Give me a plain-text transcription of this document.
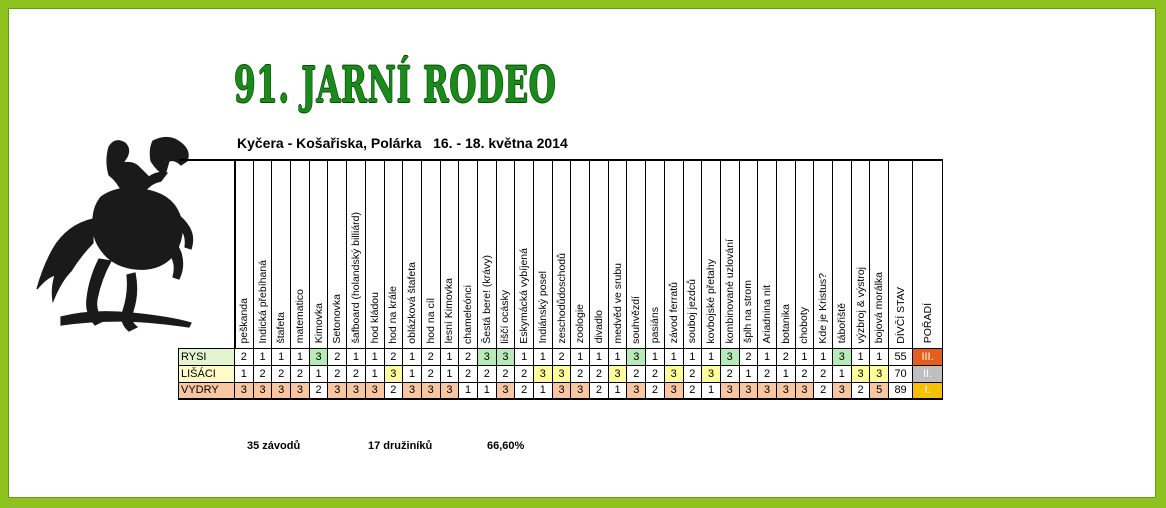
91. JARNÍ RODEO
Kyčera - Košařiska, Polárka   16. - 18. května 2014

	peškanda	Indická přebíhaná	štafeta	matematico	Kimovka	Setonovka	šafboard (holandský billiárd)	hod kládou	hod na krále	oblázková štafeta	hod na cíl	lesní Kimovka	chameleónci	Šestá bere! (krávy)	liščí ocásky	Eskymácká vybíjená	Indiánský posel	zeschodůdoschodů	zoologie	divadlo	medvěd ve srubu	souhvězdí	pasiáns	závod ferratů	souboj jezdců	kovbojské přetahy	kombinované uzlování	šplh na strom	Ariadnina nit	botanika	choboty	Kde je Kristus?	tábořiště	výzbroj & výstroj	bojová morálka	DÍVČÍ STAV	POŘADÍ

RYSI	2	1	1	1	3	2	1	1	2	1	2	1	2	3	3	1	1	2	1	1	1	3	1	1	1	1	3	2	1	2	1	1	3	1	1	55	III.
LIŠÁCI	1	2	2	2	1	2	2	1	3	1	2	1	2	2	2	2	3	3	2	2	3	2	2	3	2	3	2	1	2	1	2	2	1	3	3	70	II.
VYDRY	3	3	3	3	2	3	3	3	2	3	3	3	1	1	3	2	1	3	3	2	1	3	2	3	2	1	3	3	3	3	3	2	3	2	5	89	I.
35 závodů	17 družiníků	66,60%
